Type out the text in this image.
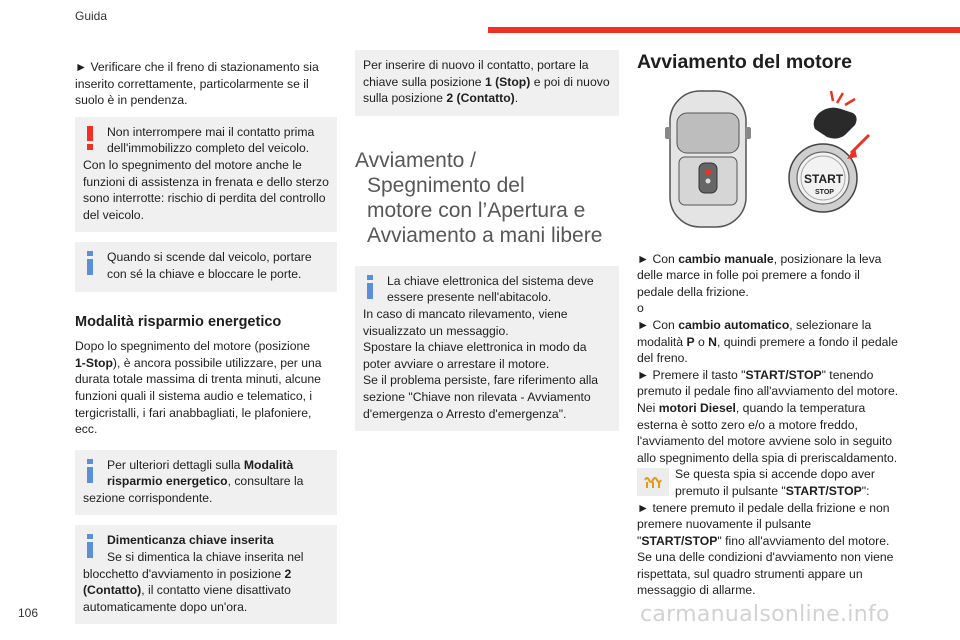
Guida

► Verificare che il freno di stazionamento sia inserito correttamente, particolarmente se il suolo è in pendenza.

Non interrompere mai il contatto prima
dell'immobilizzo completo del veicolo.
Con lo spegnimento del motore anche le
funzioni di assistenza in frenata e dello sterzo
sono interrotte: rischio di perdita del controllo
del veicolo.
Quando si scende dal veicolo, portare
con sé la chiave e bloccare le porte.
Modalità risparmio energetico

Dopo lo spegnimento del motore (posizione
1-Stop), è ancora possibile utilizzare, per una durata totale massima di trenta minuti, alcune funzioni quali il sistema audio e telematico, i tergicristalli, i fari anabbagliati, le plafoniere, ecc.

Per ulteriori dettagli sulla Modalità
risparmio energetico, consultare la
sezione corrispondente.
Dimenticanza chiave inserita
Se si dimentica la chiave inserita nel
blocchetto d'avviamento in posizione 2
(Contatto), il contatto viene disattivato
automaticamente dopo un'ora.
Per inserire di nuovo il contatto, portare la
chiave sulla posizione 1 (Stop) e poi di nuovo
sulla posizione 2 (Contatto).
Avviamento /
Spegnimento del
motore con l’Apertura e
Avviamento a mani libere
La chiave elettronica del sistema deve
essere presente nell'abitacolo.
In caso di mancato rilevamento, viene
visualizzato un messaggio.
Spostare la chiave elettronica in modo da
poter avviare o arrestare il motore.
Se il problema persiste, fare riferimento alla
sezione "Chiave non rilevata - Avviamento
d'emergenza o Arresto d'emergenza".
Avviamento del motore
START
STOP

► Con cambio manuale, posizionare la leva delle marce in folle poi premere a fondo il pedale della frizione.

o

► Con cambio automatico, selezionare la modalità P o N, quindi premere a fondo il pedale del freno.

► Premere il tasto "START/STOP" tenendo premuto il pedale fino all'avviamento del motore.

Nei motori Diesel, quando la temperatura esterna è sotto zero e/o a motore freddo, l'avviamento del motore avviene solo in seguito allo spegnimento della spia di preriscaldamento.

Se questa spia si accende dopo aver premuto il pulsante "START/STOP":

► tenere premuto il pedale della frizione e non premere nuovamente il pulsante "START/STOP" fino all'avviamento del motore.

Se una delle condizioni d'avviamento non viene rispettata, sul quadro strumenti appare un messaggio di allarme.

106	carmanualsonline.info
